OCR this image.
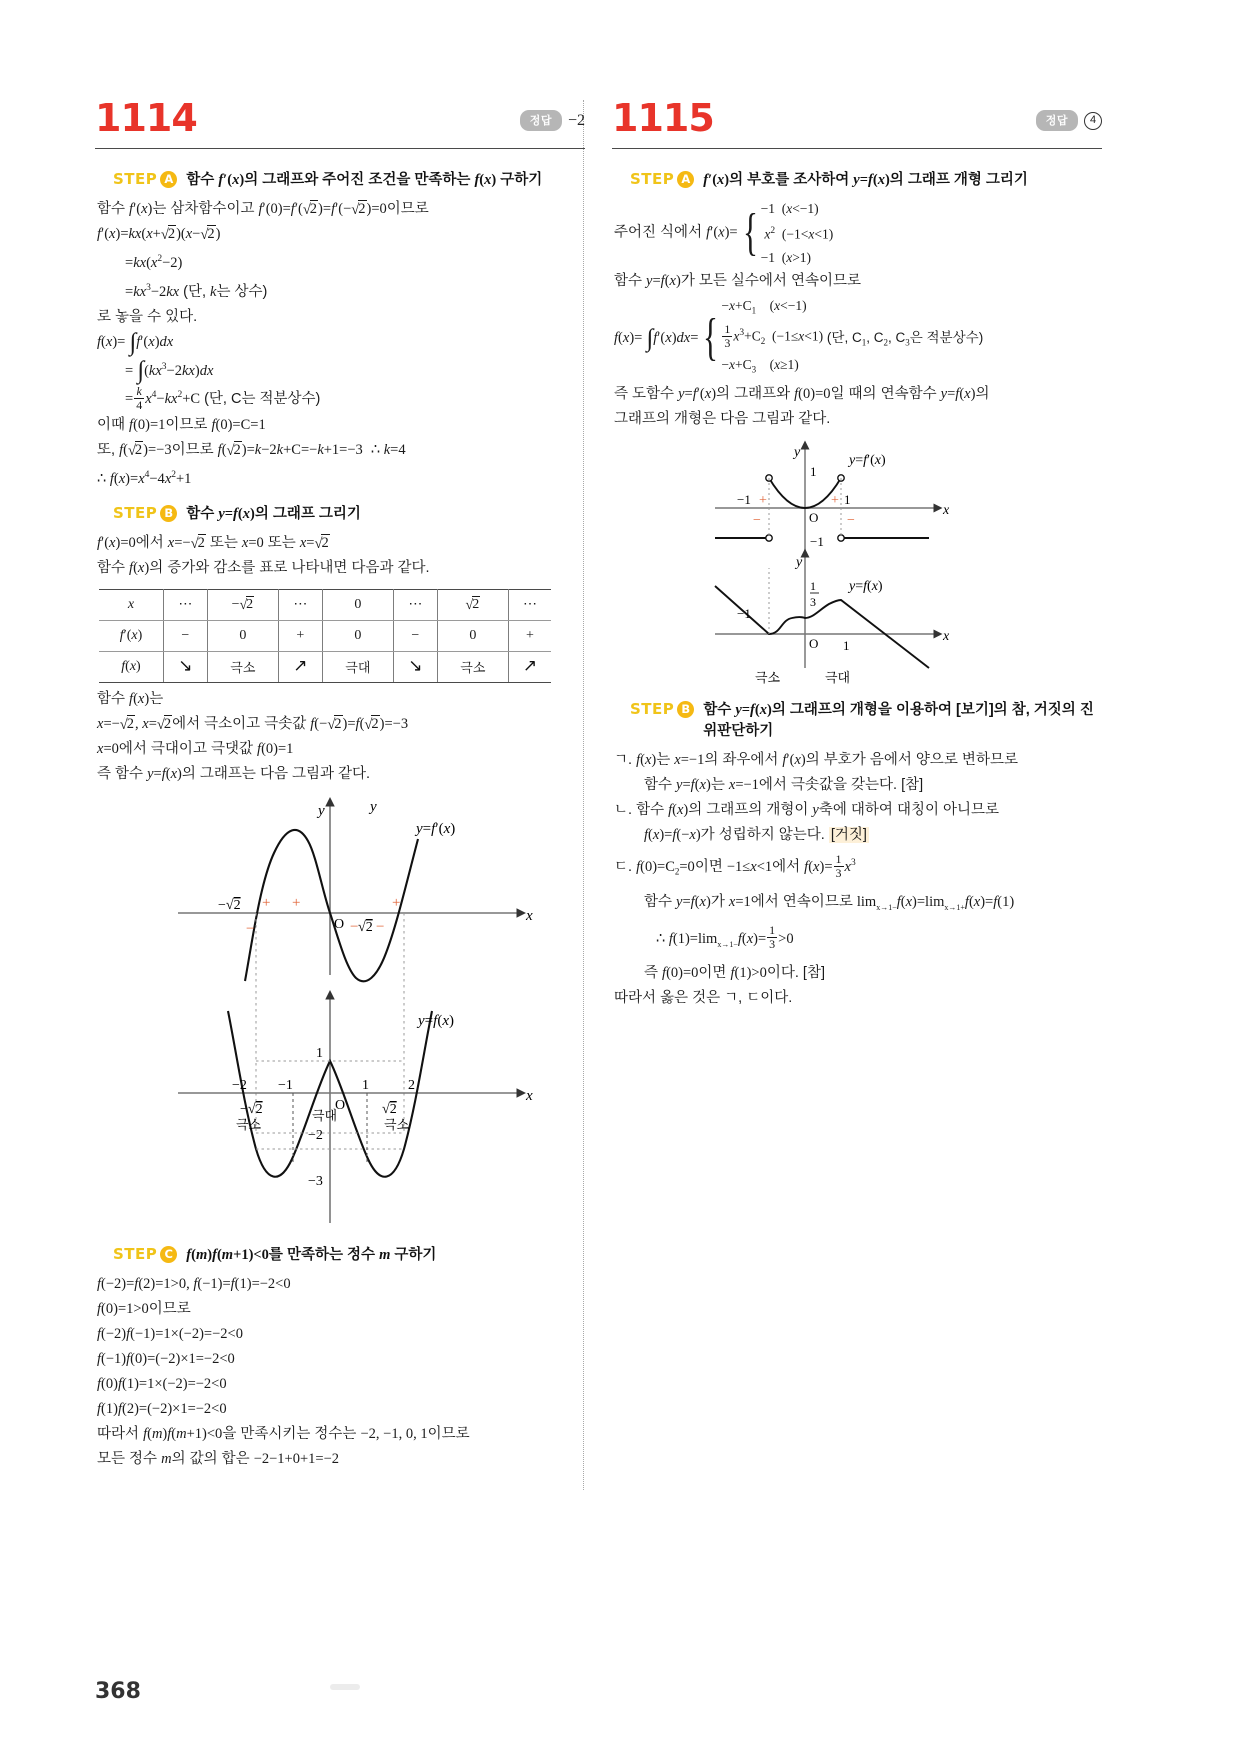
1114	정답	−2
STEP A 함수 f′(x)의 그래프와 주어진 조건을 만족하는 f(x) 구하기
함수 f′(x)는 삼차함수이고 f′(0)=f′(√2)=f′(−√2)=0이므로
f′(x)=kx(x+√2)(x−√2)
$=kx(x^2-2)$
$=kx^3-2kx$ (단, k는 상수)
로 놓을 수 있다.
f(x)= ∫f′(x)dx
= $\int(kx^3-2kx)dx$
= $\frac{k}{4} x^4-kx^2+C$ (단, C는 적분상수)
이때 f(0)=1이므로 f(0)=C=1
또, f(√2)=−3이므로 f(√2)=k−2k+C=−k+1=−3 ∴ k=4
∴ $f(x)=x^4-4x^2+1$
STEP B 함수 y=f(x)의 그래프 그리기
f′(x)=0에서 x=−√2 또는 x=0 또는 x=√2
함수 f(x)의 증가와 감소를 표로 나타내면 다음과 같다.
x	⋯	−√2	⋯	0	⋯	√2	⋯
f′(x)	−	0	+	0	−	0	+
f(x)	↘	극소	↗	극대	↘	극소	↗
함수 f(x)는
x=−√2, x=√2에서 극소이고 극솟값 f(−√2)=f(√2)=−3
x=0에서 극대이고 극댓값 f(0)=1
즉 함수 y=f(x)의 그래프는 다음 그림과 같다.
y
x
O
y
y=f′(x)
−√2
√2
+ +	+
−	− −
x
O
y=f(x)
1
−2
−3
−2 −1	1	2
−√2	√2
극소	극소
극대
STEP C f(m)f(m+1)<0를 만족하는 정수 m 구하기
f(−2)=f(2)=1>0, f(−1)=f(1)=−2<0
f(0)=1>0이므로
f(−2)f(−1)=1×(−2)=−2<0
f(−1)f(0)=(−2)×1=−2<0
f(0)f(1)=1×(−2)=−2<0
f(1)f(2)=(−2)×1=−2<0
따라서 f(m)f(m+1)<0을 만족시키는 정수는 −2, −1, 0, 1이므로
모든 정수 m의 값의 합은 −2−1+0+1=−2
1115	정답	4
STEP A f′(x)의 부호를 조사하여 y=f(x)의 그래프 개형 그리기
주어진 식에서 f′(x)= { −1  (x<−1)
$x^2$  (−1<x<1)
−1  (x>1)
함수 y=f(x)가 모든 실수에서 연속이므로
f(x)= ∫f′(x)dx= {
$-x+C_1$    (x<−1)
$\frac{1}{3} x^3+C_2$  (−1≤x<1)
$-x+C_3$    (x≥1)
(단, $C_1$, $C_2$, $C_3$은 적분상수)
즉 도함수 y=f′(x)의 그래프와 f(0)=0일 때의 연속함수 y=f(x)의
그래프의 개형은 다음 그림과 같다.
y
x
O
−1	1
1
−1
y=f′(x)
+	+
−	−
y
x
O
1
3
−1
1
y=f(x)
극소	극대
STEP B 함수 y=f(x)의 그래프의 개형을 이용하여 [보기]의 참, 거짓의 진위판단하기
ㄱ. f(x)는 x=−1의 좌우에서 f′(x)의 부호가 음에서 양으로 변하므로
함수 y=f(x)는 x=−1에서 극솟값을 갖는다. [참]
ㄴ. 함수 f(x)의 그래프의 개형이 y축에 대하여 대칭이 아니므로
f(x)=f(−x)가 성립하지 않는다. [거짓]
ㄷ. $f(0)=C_2=0$이면 −1≤x<1에서 $f(x)= \frac{1}{3} x^3$
함수 y=f(x)가 x=1에서 연속이므로 $\lim_{x\to 1-}f(x)=\lim_{x\to 1+}f(x)=f(1)$
∴ $f(1)=\lim_{x\to 1-}f(x)= \frac{1}{3} >0$
즉 f(0)=0이면 f(1)>0이다. [참]
따라서 옳은 것은 ㄱ, ㄷ이다.
368
